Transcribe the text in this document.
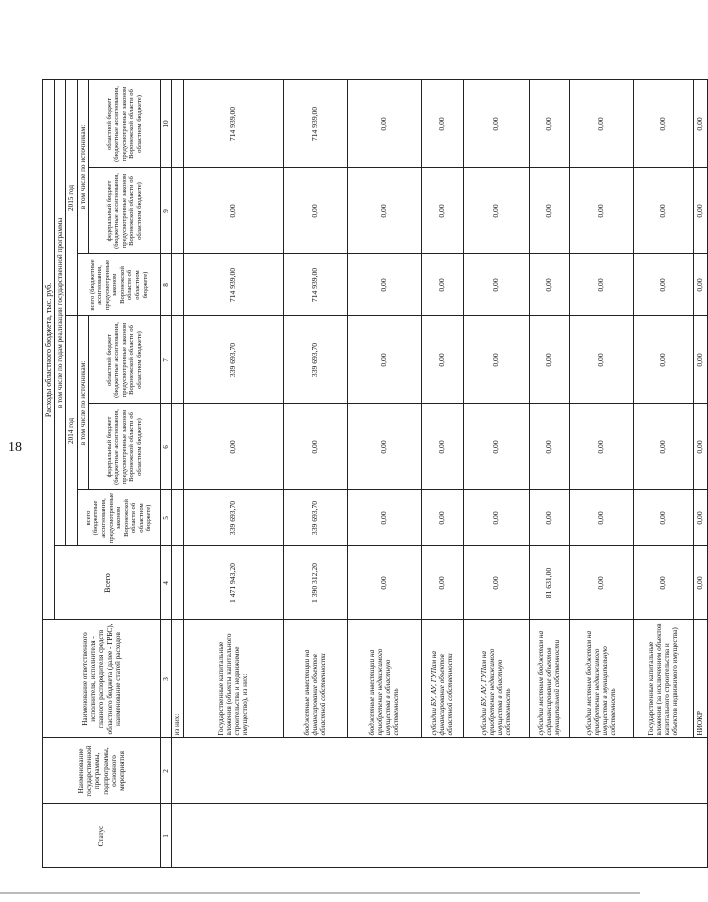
18
	Статус	Наименование государственной программы, подпрограммы, основного мероприятия	Наименование ответственного исполнителя, исполнителя - главного распорядителя средств областного бюджета (далее - ГРБС), наименование статей расходов	Расходы областного бюджета, тыс. руб.							
				Всего	в том числе по годам реализации государственной программы						
					2014 год			2015 год			
					всего (бюджетные ассигнования, предусмотренные законом Воронежской области об областном бюджете)	в том числе по источникам:		всего (бюджетные ассигнования, предусмотренные законом Воронежской области об областном бюджете)	в том числе по источникам:		
						федеральный бюджет (бюджетные ассигнования, предусмотренные законом Воронежской области об областном бюджете)	областной бюджет (бюджетные ассигнования, предусмотренные законом Воронежской области об областном бюджете)		федеральный бюджет (бюджетные ассигнования, предусмотренные законом Воронежской области об областном бюджете)	областной бюджет (бюджетные ассигнования, предусмотренные законом Воронежской области об областном бюджете)	
	1	2	3	4	5	6	7	8	9	10	
			из них:								
			Государственные капитальные вложения (объекты капитального строительства и недвижимое имущество), из них:	1 471 943,20	339 693,70	0,00	339 693,70	714 939,00	0,00	714 939,00	
			бюджетные инвестиции на финансирование объектов областной собственности	1 390 312,20	339 693,70	0,00	339 693,70	714 939,00	0,00	714 939,00	
			бюджетные инвестиции на приобретение недвижимого имущества в областную собственность	0,00	0,00	0,00	0,00	0,00	0,00	0,00	
			субсидии БУ, АУ, ГУПам на финансирование объектов областной собственности	0,00	0,00	0,00	0,00	0,00	0,00	0,00	
			субсидии БУ, АУ, ГУПам на приобретение недвижимого имущества в областную собственность	0,00	0,00	0,00	0,00	0,00	0,00	0,00	
			субсидии местным бюджетам на софинансирование объектов муниципальной собственности	81 631,00	0,00	0,00	0,00	0,00	0,00	0,00	
			субсидии местным бюджетам на приобретение недвижимого имущества в муниципальную собственность	0,00	0,00	0,00	0,00	0,00	0,00	0,00	
			Государственные капитальные вложения (за исключением объектов капитального строительства и объектов недвижимого имущества)	0,00	0,00	0,00	0,00	0,00	0,00	0,00	
			НИОКР	0,00	0,00	0,00	0,00	0,00	0,00	0,00	
